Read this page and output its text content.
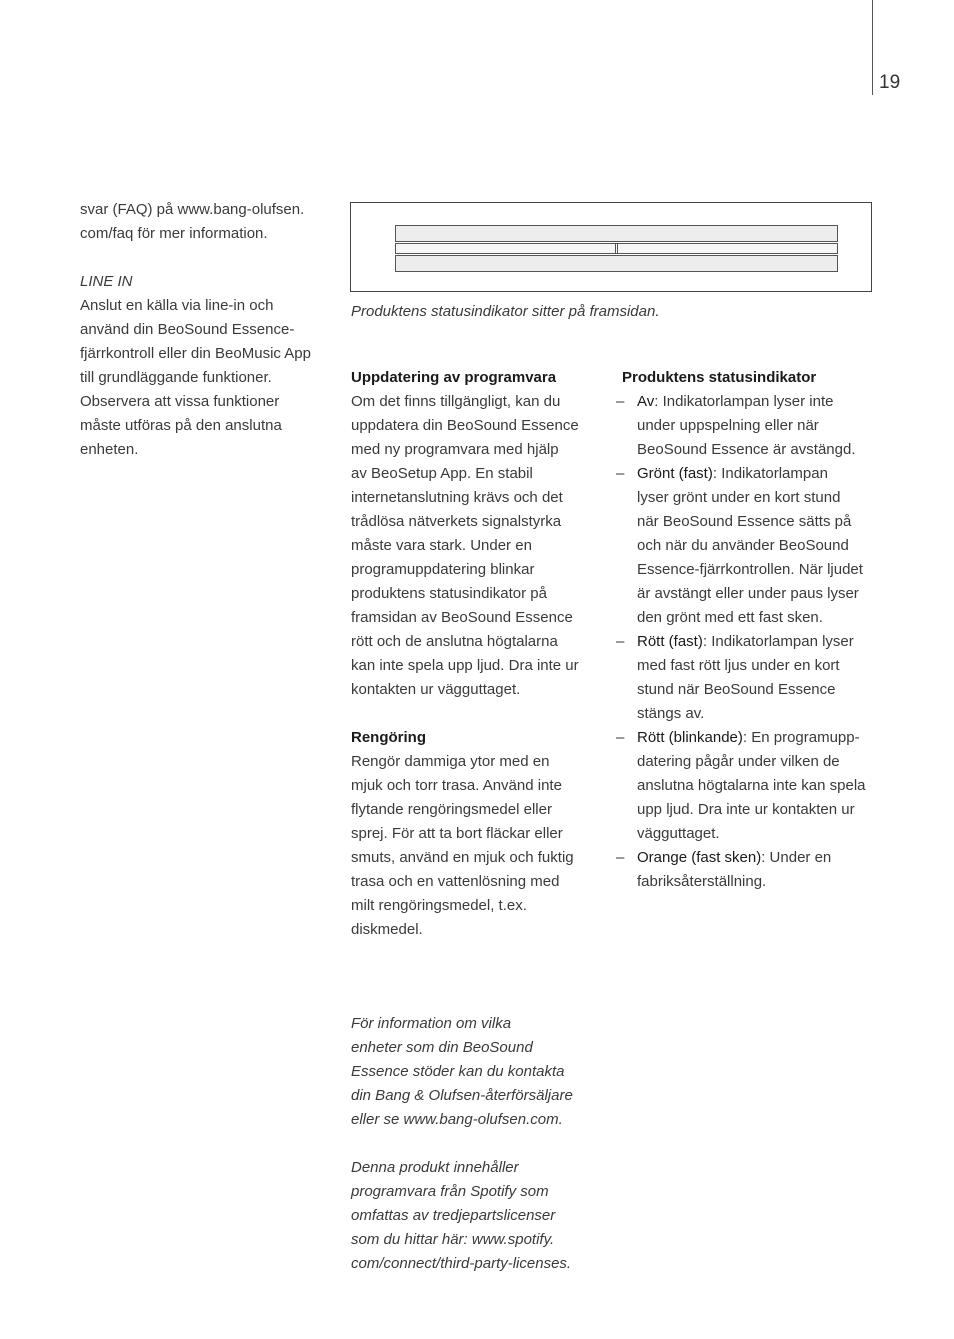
19

svar (FAQ) på www.bang-olufsen.

com/faq för mer information.

LINE IN

Anslut en källa via line-in och

använd din BeoSound Essence-

fjärrkontroll eller din BeoMusic App

till grundläggande funktioner.

Observera att vissa funktioner

måste utföras på den anslutna

enheten.

Produktens statusindikator sitter på framsidan.

Uppdatering av programvara

Om det finns tillgängligt, kan du

uppdatera din BeoSound Essence

med ny programvara med hjälp

av BeoSetup App. En stabil

internetanslutning krävs och det

trådlösa nätverkets signalstyrka

måste vara stark. Under en

programuppdatering blinkar

produktens statusindikator på

framsidan av BeoSound Essence

rött och de anslutna högtalarna

kan inte spela upp ljud. Dra inte ur

kontakten ur vägguttaget.

Rengöring

Rengör dammiga ytor med en

mjuk och torr trasa. Använd inte

flytande rengöringsmedel eller

sprej. För att ta bort fläckar eller

smuts, använd en mjuk och fuktig

trasa och en vattenlösning med

milt rengöringsmedel, t.ex.

diskmedel.

Produktens statusindikator

– Av: Indikatorlampan lyser inte

under uppspelning eller när

BeoSound Essence är avstängd.

– Grönt (fast): Indikatorlampan

lyser grönt under en kort stund

när BeoSound Essence sätts på

och när du använder BeoSound

Essence-fjärrkontrollen. När ljudet

är avstängt eller under paus lyser

den grönt med ett fast sken.

– Rött (fast): Indikatorlampan lyser

med fast rött ljus under en kort

stund när BeoSound Essence

stängs av.

– Rött (blinkande): En programupp-

datering pågår under vilken de

anslutna högtalarna inte kan spela

upp ljud. Dra inte ur kontakten ur

vägguttaget.

– Orange (fast sken): Under en

fabriksåterställning.

För information om vilka

enheter som din BeoSound

Essence stöder kan du kontakta

din Bang & Olufsen-återförsäljare

eller se www.bang-olufsen.com.

Denna produkt innehåller

programvara från Spotify som

omfattas av tredjepartslicenser

som du hittar här: www.spotify.

com/connect/third-party-licenses.
